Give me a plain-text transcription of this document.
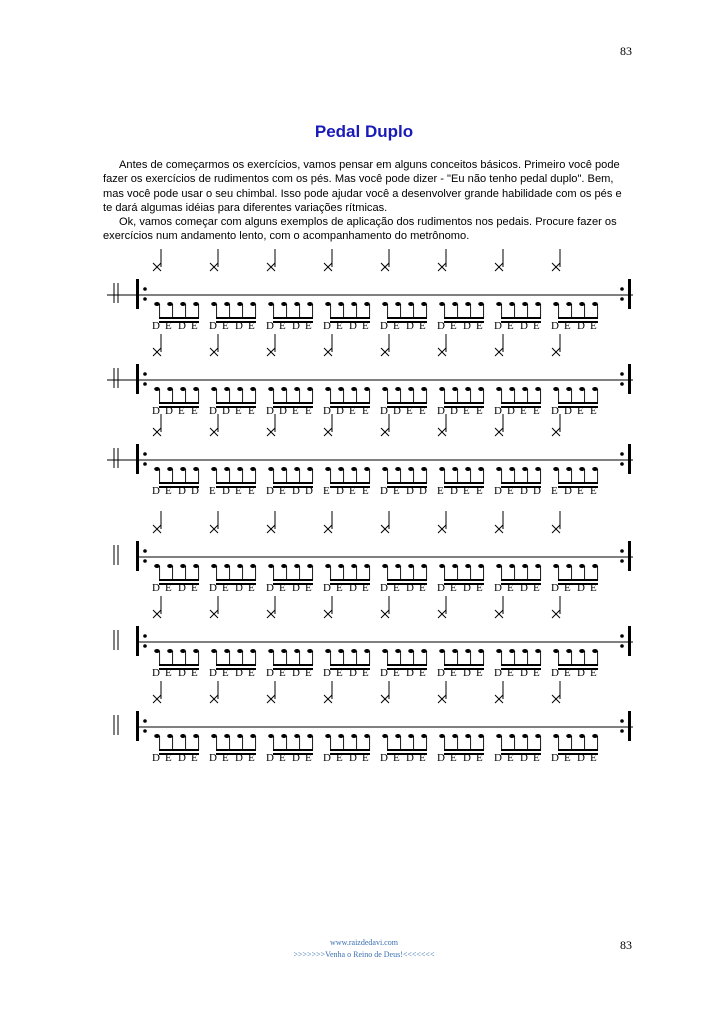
83
Pedal Duplo

Antes de começarmos os exercícios, vamos pensar em alguns conceitos básicos. Primeiro você pode fazer os exercícios de rudimentos com os pés. Mas você pode dizer - "Eu não tenho pedal duplo". Bem, mas você pode usar o seu chimbal. Isso pode ajudar você a desenvolver grande habilidade com os pés e te dará algumas idéias para diferentes variações rítmicas.

Ok, vamos começar com alguns exemplos de aplicação dos rudimentos nos pedais. Procure fazer os exercícios num andamento lento, com o acompanhamento do metrônomo.

D E D E D E D E D E D E D E D E D E D E D E D E D E D E D E D E
D D E E D D E E D D E E D D E E D D E E D D E E D D E E D D E E
D E D D E D E E D E D D E D E E D E D D E D E E D E D D E D E E
D E D E D E D E D E D E D E D E D E D E D E D E D E D E D E D E
D E D E D E D E D E D E D E D E D E D E D E D E D E D E D E D E
D E D E D E D E D E D E D E D E D E D E D E D E D E D E D E D E
www.raizdedavi.com
>>>>>>>Venha o Reino de Deus!<<<<<<<
83
